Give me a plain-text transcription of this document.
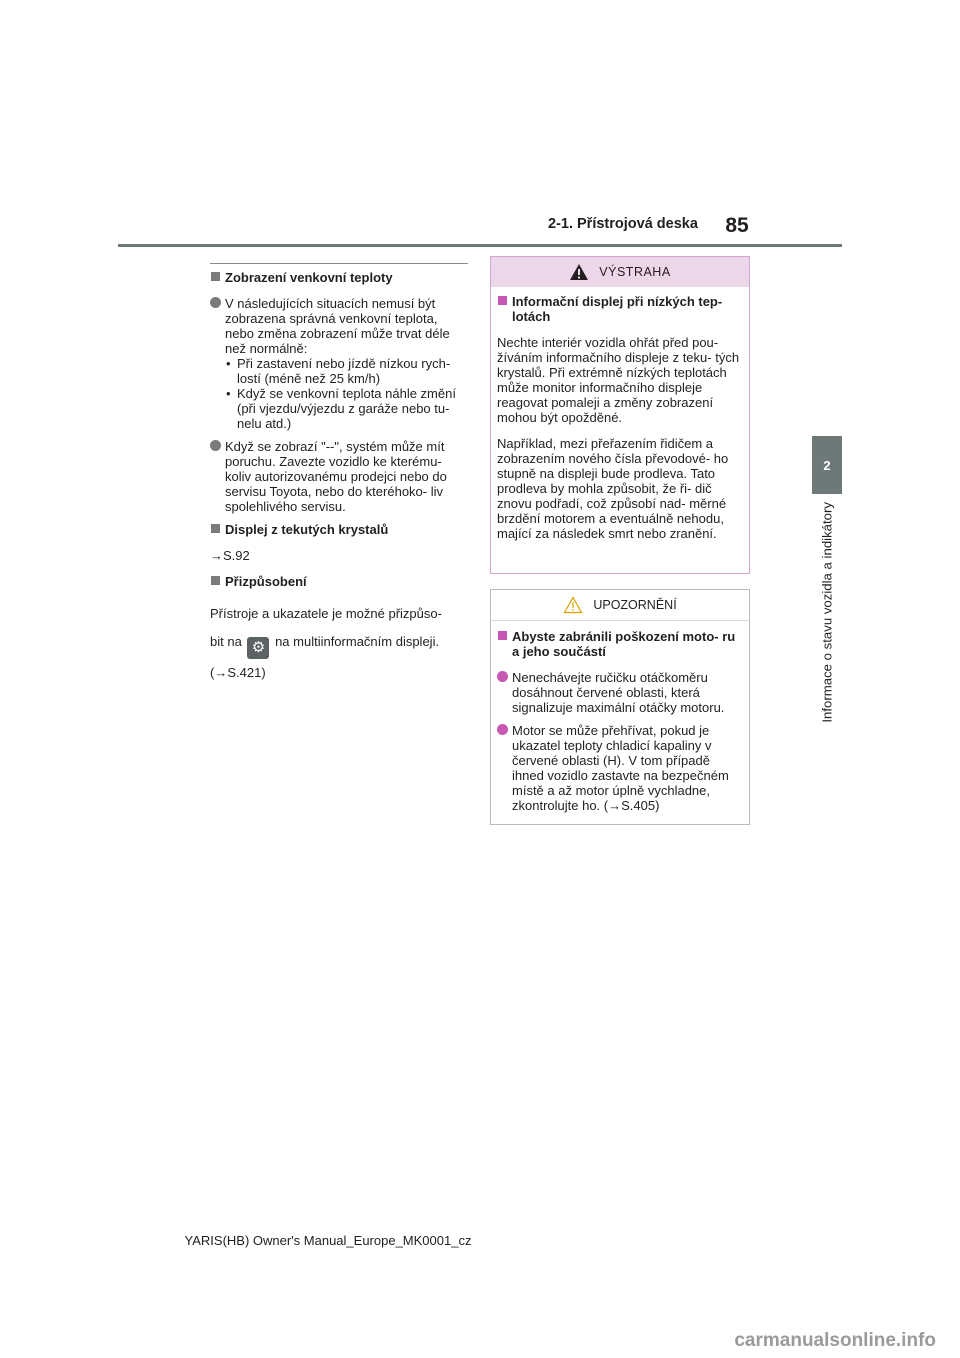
2-1. Přístrojová deska	85
2
Informace o stavu vozidla a indikátory
Zobrazení venkovní teploty
V následujících situacích nemusí být zobrazena správná venkovní teplota, nebo změna zobrazení může trvat déle než normálně:
• Při zastavení nebo jízdě nízkou rych- lostí (méně než 25 km/h)
• Když se venkovní teplota náhle změní (při vjezdu/výjezdu z garáže nebo tu- nelu atd.)
Když se zobrazí "--", systém může mít poruchu. Zavezte vozidlo ke kterému- koliv autorizovanému prodejci nebo do servisu Toyota, nebo do kteréhoko- liv spolehlivého servisu.
Displej z tekutých krystalů
→S.92
Přizpůsobení
Přístroje a ukazatele je možné přizpůso-
bit na ⚙ na multiinformačním displeji.
(→S.421)
VÝSTRAHA
Informační displej při nízkých tep- lotách
Nechte interiér vozidla ohřát před pou- žíváním informačního displeje z teku- tých krystalů. Při extrémně nízkých teplotách může monitor informačního displeje reagovat pomaleji a změny zobrazení mohou být opožděné.
Například, mezi přeřazením řidičem a zobrazením nového čísla převodové- ho stupně na displeji bude prodleva. Tato prodleva by mohla způsobit, že ři- dič znovu podřadí, což způsobí nad- měrné brzdění motorem a eventuálně nehodu, mající za následek smrt nebo zranění.
UPOZORNĚNÍ
Abyste zabránili poškození moto- ru a jeho součástí
Nenechávejte ručičku otáčkoměru dosáhnout červené oblasti, která signalizuje maximální otáčky motoru.
Motor se může přehřívat, pokud je ukazatel teploty chladicí kapaliny v červené oblasti (H). V tom případě ihned vozidlo zastavte na bezpečném místě a až motor úplně vychladne, zkontrolujte ho. (→S.405)
YARIS(HB) Owner's Manual_Europe_MK0001_cz
carmanualsonline.info
